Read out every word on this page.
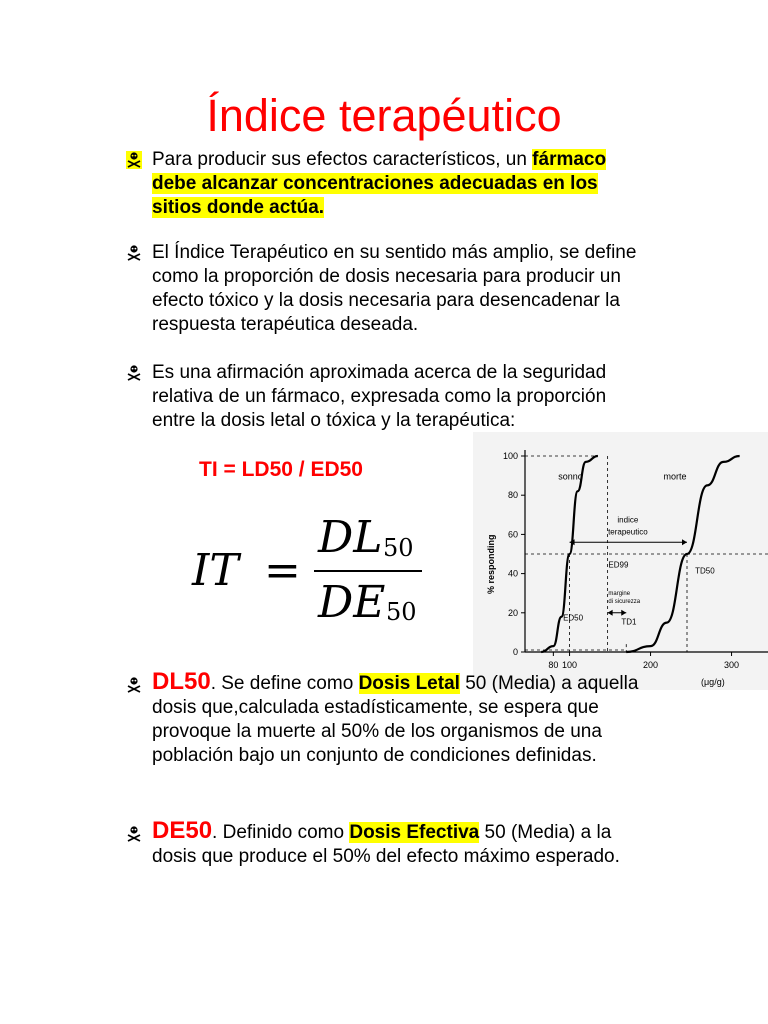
Índice terapéutico
Para producir sus efectos característicos, un fármaco debe alcanzar concentraciones adecuadas en los sitios donde actúa.
El Índice Terapéutico en su sentido más amplio, se define como la proporción de dosis necesaria para producir un efecto tóxico y la dosis necesaria para desencadenar la respuesta terapéutica deseada.
Es una afirmación aproximada acerca de la seguridad relativa de un fármaco, expresada como la proporción entre la dosis letal o tóxica y la terapéutica:
TI = LD50 / ED50
IT =
DL 50
DE 50
% responding
(μg/g)
0
20
40
60
80
100
80 100	200	300
sonno	morte
indice
terapeutico
ED99
margine
di sicurezza
ED50	TD1
TD50
DL50. Se define como Dosis Letal 50 (Media) a aquella dosis que,calculada estadísticamente, se espera que provoque la muerte al 50% de los organismos de una población bajo un conjunto de condiciones definidas.
DE50. Definido como Dosis Efectiva 50 (Media) a la dosis que produce el 50% del efecto máximo esperado.
